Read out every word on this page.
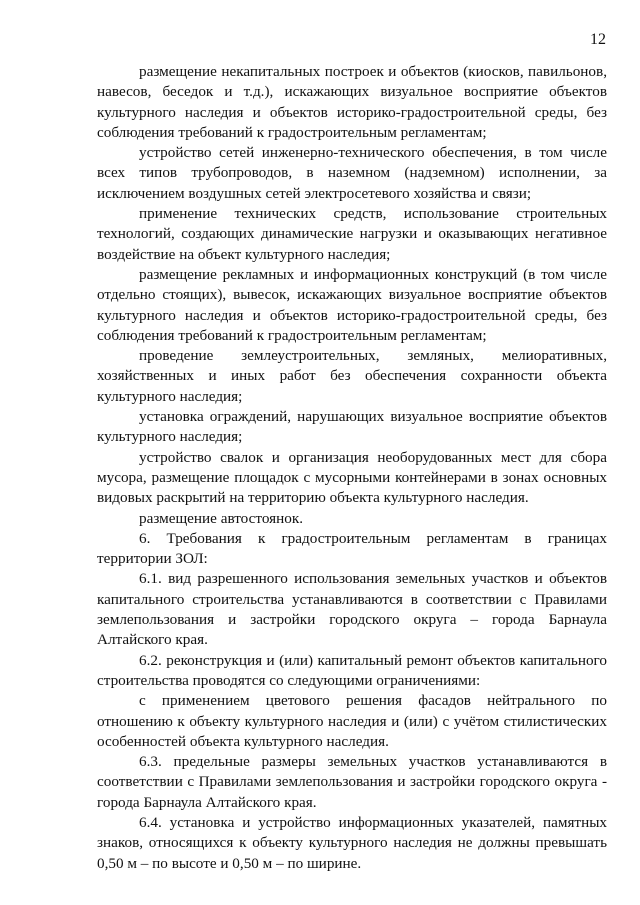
12

размещение некапитальных построек и объектов (киосков, павильонов, навесов, беседок и т.д.), искажающих визуальное восприятие объектов культурного наследия и объектов историко-градостроительной среды, без соблюдения требований к градостроительным регламентам;

устройство сетей инженерно-технического обеспечения, в том числе всех типов трубопроводов, в наземном (надземном) исполнении, за исключением воздушных сетей электросетевого хозяйства и связи;

применение технических средств, использование строительных технологий, создающих динамические нагрузки и оказывающих негативное воздействие на объект культурного наследия;

размещение рекламных и информационных конструкций (в том числе отдельно стоящих), вывесок, искажающих визуальное восприятие объектов культурного наследия и объектов историко-градостроительной среды, без соблюдения требований к градостроительным регламентам;

проведение землеустроительных, земляных, мелиоративных, хозяйственных и иных работ без обеспечения сохранности объекта культурного наследия;

установка ограждений, нарушающих визуальное восприятие объектов культурного наследия;

устройство свалок и организация необорудованных мест для сбора мусора, размещение площадок с мусорными контейнерами в зонах основных видовых раскрытий на территорию объекта культурного наследия.

размещение автостоянок.

6. Требования к градостроительным регламентам в границах территории ЗОЛ:

6.1. вид разрешенного использования земельных участков и объектов капитального строительства устанавливаются в соответствии с Правилами землепользования и застройки городского округа – города Барнаула Алтайского края.

6.2. реконструкция и (или) капитальный ремонт объектов капитального строительства проводятся со следующими ограничениями:

с применением цветового решения фасадов нейтрального по отношению к объекту культурного наследия и (или) с учётом стилистических особенностей объекта культурного наследия.

6.3. предельные размеры земельных участков устанавливаются в соответствии с Правилами землепользования и застройки городского округа - города Барнаула Алтайского края.

6.4. установка и устройство информационных указателей, памятных знаков, относящихся к объекту культурного наследия не должны превышать 0,50 м – по высоте и 0,50 м – по ширине.
